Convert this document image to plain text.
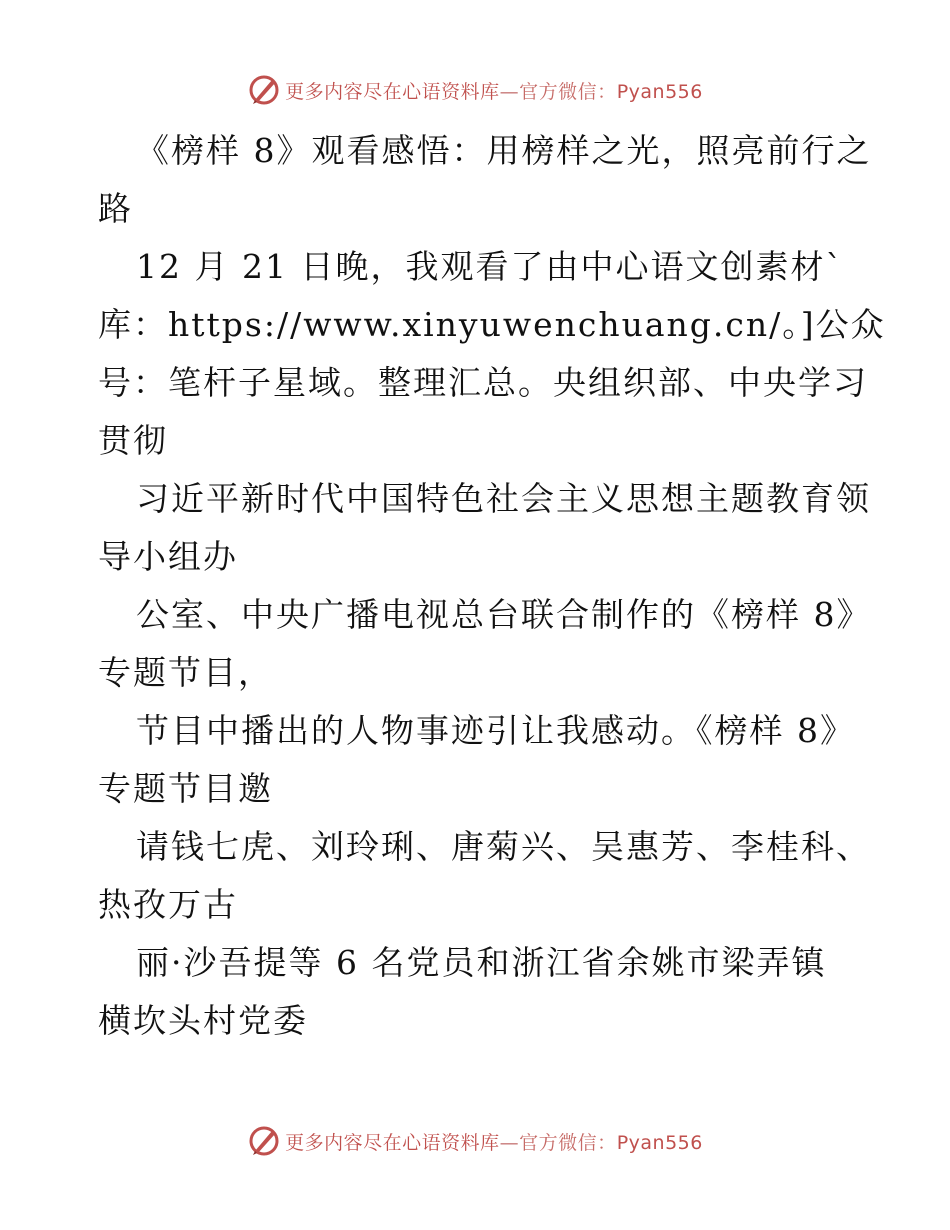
更多内容尽在心语资料库—官方微信：Pyan556
《榜样 8》观看感悟：用榜样之光，照亮前行之
路
12 月 21 日晚，我观看了由中心语文创素材`
库：https://www.xinyuwenchuang.cn/。]公众
号：笔杆子星域。整理汇总。央组织部、中央学习
贯彻
习近平新时代中国特色社会主义思想主题教育领
导小组办
公室、中央广播电视总台联合制作的《榜样 8》
专题节目，
节目中播出的人物事迹引让我感动。《榜样 8》
专题节目邀
请钱七虎、刘玲琍、唐菊兴、吴惠芳、李桂科、
热孜万古
丽·沙吾提等 6 名党员和浙江省余姚市梁弄镇
横坎头村党委
更多内容尽在心语资料库—官方微信：Pyan556
